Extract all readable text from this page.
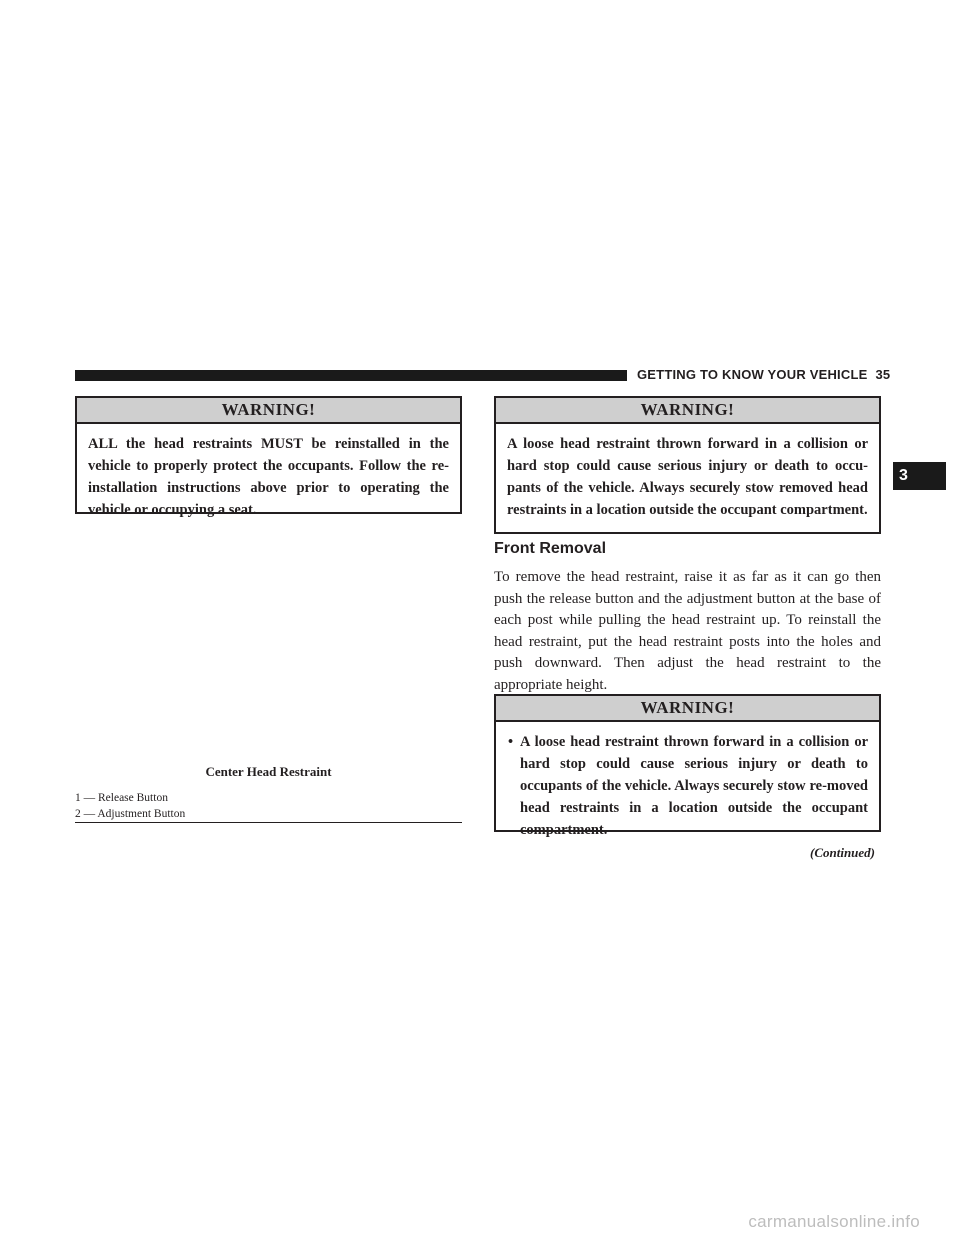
GETTING TO KNOW YOUR VEHICLE 35
3
WARNING!
ALL the head restraints MUST be reinstalled in the vehicle to properly protect the occupants. Follow the re-installation instructions above prior to operating the vehicle or occupying a seat.
Center Head Restraint
1 — Release Button
2 — Adjustment Button
WARNING!
A loose head restraint thrown forward in a collision or hard stop could cause serious injury or death to occu-pants of the vehicle. Always securely stow removed head restraints in a location outside the occupant compartment.
Front Removal
To remove the head restraint, raise it as far as it can go then push the release button and the adjustment button at the base of each post while pulling the head restraint up. To reinstall the head restraint, put the head restraint posts into the holes and push downward. Then adjust the head restraint to the appropriate height.
WARNING!
• A loose head restraint thrown forward in a collision or hard stop could cause serious injury or death to occupants of the vehicle. Always securely stow re-moved head restraints in a location outside the occupant compartment.
(Continued)
carmanualsonline.info
